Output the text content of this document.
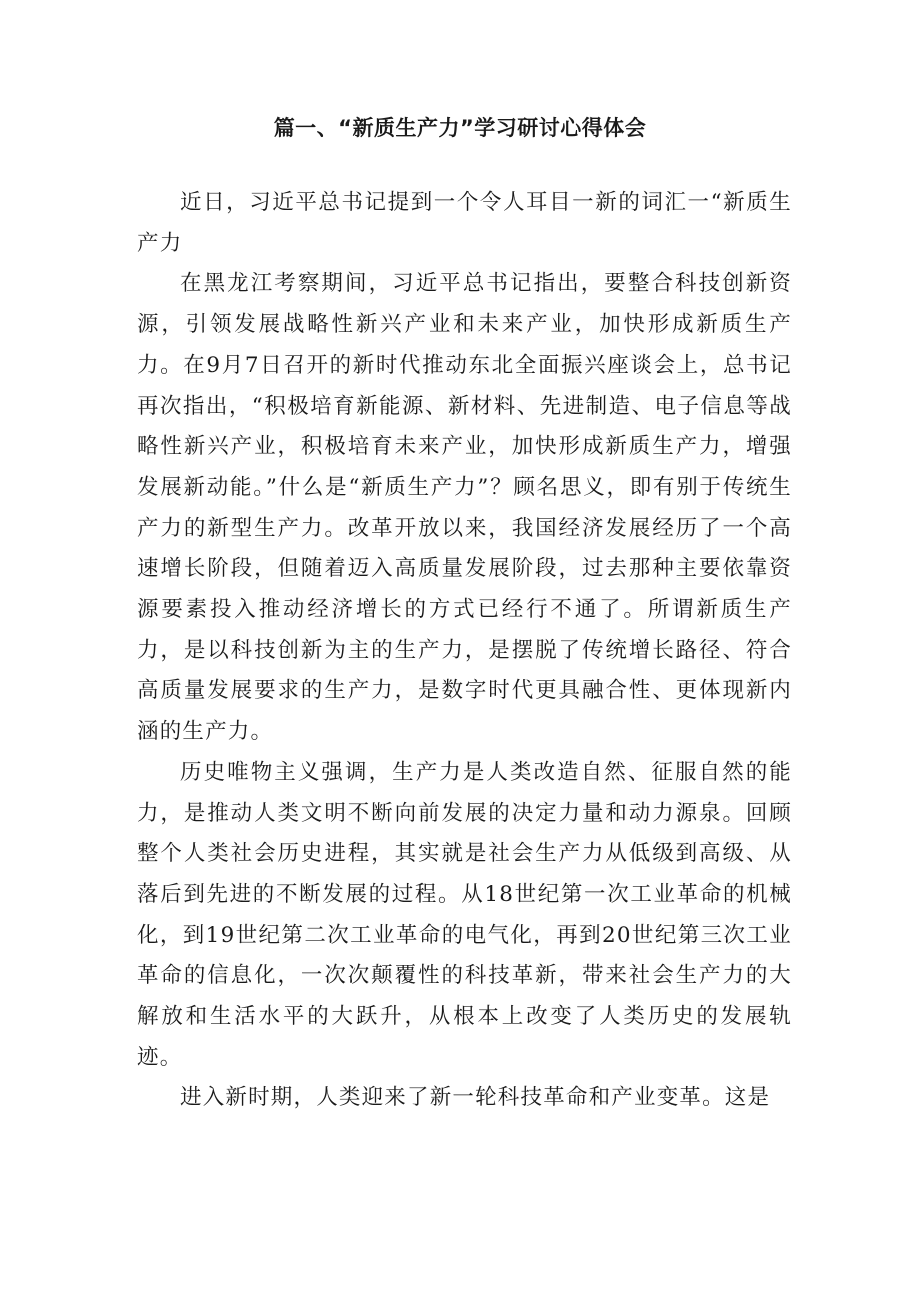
篇一、“新质生产力”学习研讨心得体会

近日，习近平总书记提到一个令人耳目一新的词汇一“新质生产力

在黑龙江考察期间，习近平总书记指出，要整合科技创新资源，引领发展战略性新兴产业和未来产业，加快形成新质生产力。在9月7日召开的新时代推动东北全面振兴座谈会上，总书记再次指出，“积极培育新能源、新材料、先进制造、电子信息等战略性新兴产业，积极培育未来产业，加快形成新质生产力，增强发展新动能。”什么是“新质生产力”？顾名思义，即有别于传统生产力的新型生产力。改革开放以来，我国经济发展经历了一个高速增长阶段，但随着迈入高质量发展阶段，过去那种主要依靠资源要素投入推动经济增长的方式已经行不通了。所谓新质生产力，是以科技创新为主的生产力，是摆脱了传统增长路径、符合高质量发展要求的生产力，是数字时代更具融合性、更体现新内涵的生产力。

历史唯物主义强调，生产力是人类改造自然、征服自然的能力，是推动人类文明不断向前发展的决定力量和动力源泉。回顾整个人类社会历史进程，其实就是社会生产力从低级到高级、从落后到先进的不断发展的过程。从18世纪第一次工业革命的机械化，到19世纪第二次工业革命的电气化，再到20世纪第三次工业革命的信息化，一次次颠覆性的科技革新，带来社会生产力的大解放和生活水平的大跃升，从根本上改变了人类历史的发展轨迹。

进入新时期，人类迎来了新一轮科技革命和产业变革。这是
